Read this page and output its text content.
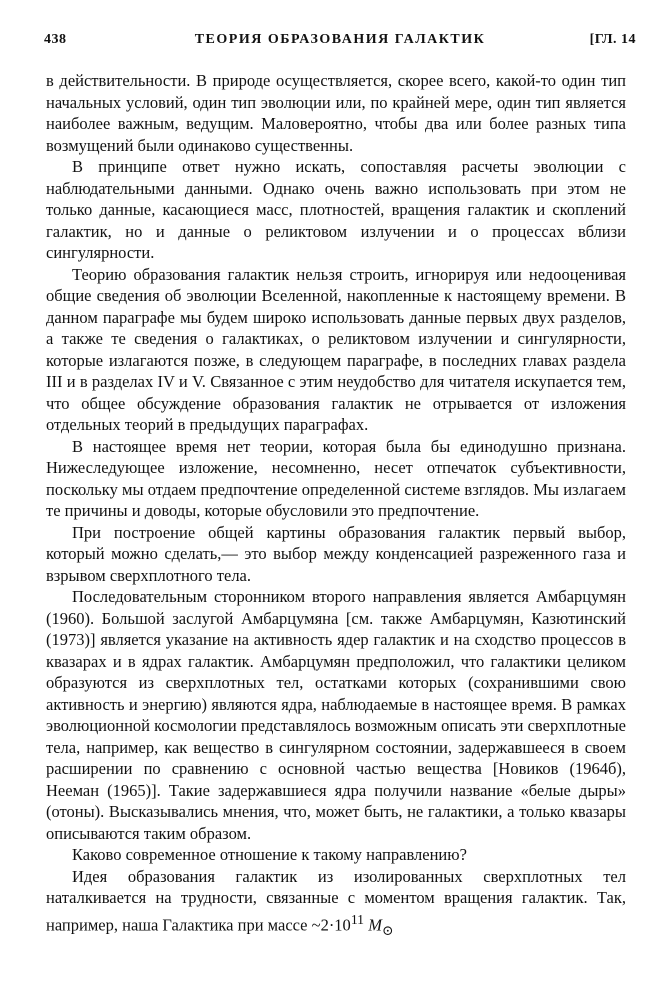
438	ТЕОРИЯ ОБРАЗОВАНИЯ ГАЛАКТИК	[ГЛ. 14

в действительности. В природе осуществляется, скорее всего, какой-то один тип начальных условий, один тип эволюции или, по крайней мере, один тип является наиболее важным, ведущим. Маловероятно, чтобы два или более разных типа возмущений были одинаково существенны.

В принципе ответ нужно искать, сопоставляя расчеты эволюции с наблюдательными данными. Однако очень важно использовать при этом не только данные, касающиеся масс, плотностей, вращения галактик и скоплений галактик, но и данные о реликтовом излучении и о процессах вблизи сингулярности.

Теорию образования галактик нельзя строить, игнорируя или недооценивая общие сведения об эволюции Вселенной, накопленные к настоящему времени. В данном параграфе мы будем широко использовать данные первых двух разделов, а также те сведения о галактиках, о реликтовом излучении и сингулярности, которые излагаются позже, в следующем параграфе, в последних главах раздела III и в разделах IV и V. Связанное с этим неудобство для читателя искупается тем, что общее обсуждение образования галактик не отрывается от изложения отдельных теорий в предыдущих параграфах.

В настоящее время нет теории, которая была бы единодушно признана. Нижеследующее изложение, несомненно, несет отпечаток субъективности, поскольку мы отдаем предпочтение определенной системе взглядов. Мы излагаем те причины и доводы, которые обусловили это предпочтение.

При построение общей картины образования галактик первый выбор, который можно сделать,— это выбор между конденсацией разреженного газа и взрывом сверхплотного тела.

Последовательным сторонником второго направления является Амбарцумян (1960). Большой заслугой Амбарцумяна [см. также Амбарцумян, Казютинский (1973)] является указание на активность ядер галактик и на сходство процессов в квазарах и в ядрах галактик. Амбарцумян предположил, что галактики целиком образуются из сверхплотных тел, остатками которых (сохранившими свою активность и энергию) являются ядра, наблюдаемые в настоящее время. В рамках эволюционной космологии представлялось возможным описать эти сверхплотные тела, например, как вещество в сингулярном состоянии, задержавшееся в своем расширении по сравнению с основной частью вещества [Новиков (1964б), Нееман (1965)]. Такие задержавшиеся ядра получили название «белые дыры» (отоны). Высказывались мнения, что, может быть, не галактики, а только квазары описываются таким образом.

Каково современное отношение к такому направлению?

Идея образования галактик из изолированных сверхплотных тел наталкивается на трудности, связанные с моментом вращения галактик. Так, например, наша Галактика при массе $\sim 2\cdot 10^{11}$ $M_⊙$
